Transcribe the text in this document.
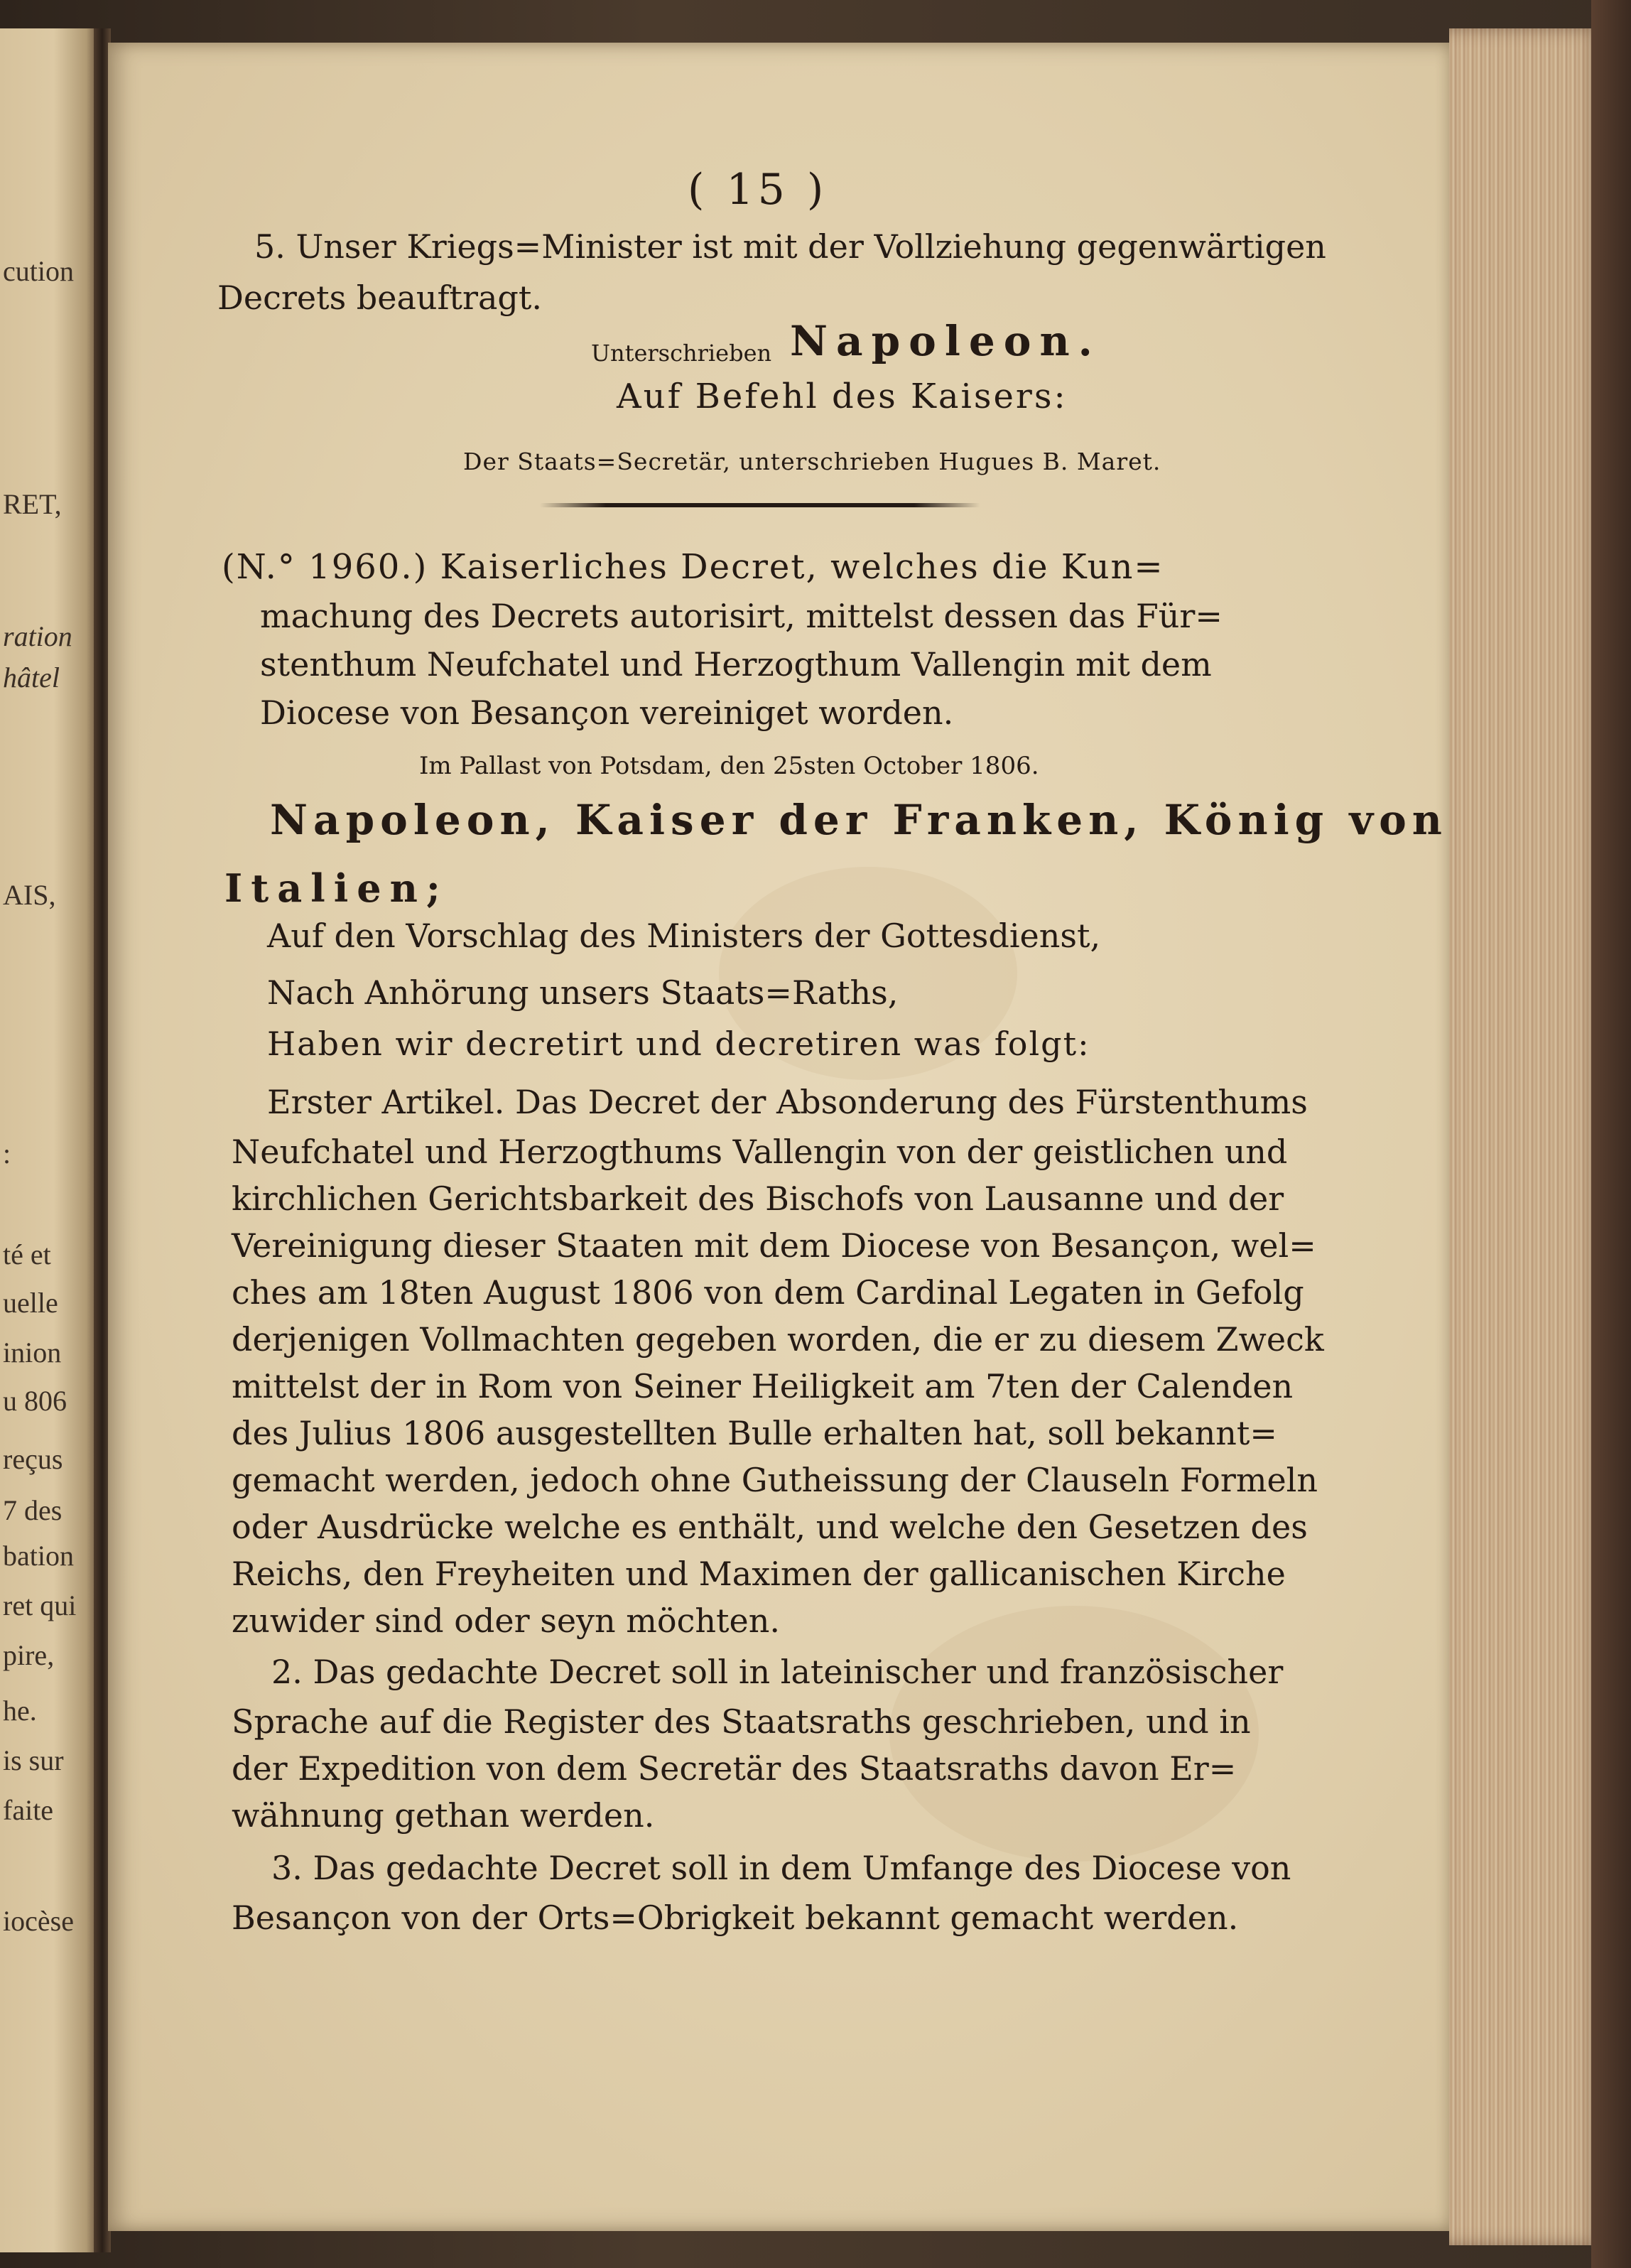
cution
RET,
ration
hâtel
AIS,
:
té et
uelle
inion
u 806
reçus
7 des
bation
ret qui
pire,
he.
is sur
faite
iocèse
( 15 )
5. Unser Kriegs=Minister ist mit der Vollziehung gegenwärtigen
Decrets beauftragt.
Unterschrieben Napoleon.
Auf Befehl des Kaisers:
Der Staats=Secretär, unterschrieben Hugues B. Maret.
(N.° 1960.) Kaiserliches Decret, welches die Kun=
machung des Decrets autorisirt, mittelst dessen das Für=
stenthum Neufchatel und Herzogthum Vallengin mit dem
Diocese von Besançon vereiniget worden.
Im Pallast von Potsdam, den 25sten October 1806.
Napoleon, Kaiser der Franken, König von
Italien;
Auf den Vorschlag des Ministers der Gottesdienst,
Nach Anhörung unsers Staats=Raths,
Haben wir decretirt und decretiren was folgt:
Erster Artikel. Das Decret der Absonderung des Fürstenthums
Neufchatel und Herzogthums Vallengin von der geistlichen und
kirchlichen Gerichtsbarkeit des Bischofs von Lausanne und der
Vereinigung dieser Staaten mit dem Diocese von Besançon, wel=
ches am 18ten August 1806 von dem Cardinal Legaten in Gefolg
derjenigen Vollmachten gegeben worden, die er zu diesem Zweck
mittelst der in Rom von Seiner Heiligkeit am 7ten der Calenden
des Julius 1806 ausgestellten Bulle erhalten hat, soll bekannt=
gemacht werden, jedoch ohne Gutheissung der Clauseln Formeln
oder Ausdrücke welche es enthält, und welche den Gesetzen des
Reichs, den Freyheiten und Maximen der gallicanischen Kirche
zuwider sind oder seyn möchten.
2. Das gedachte Decret soll in lateinischer und französischer
Sprache auf die Register des Staatsraths geschrieben, und in
der Expedition von dem Secretär des Staatsraths davon Er=
wähnung gethan werden.
3. Das gedachte Decret soll in dem Umfange des Diocese von
Besançon von der Orts=Obrigkeit bekannt gemacht werden.
